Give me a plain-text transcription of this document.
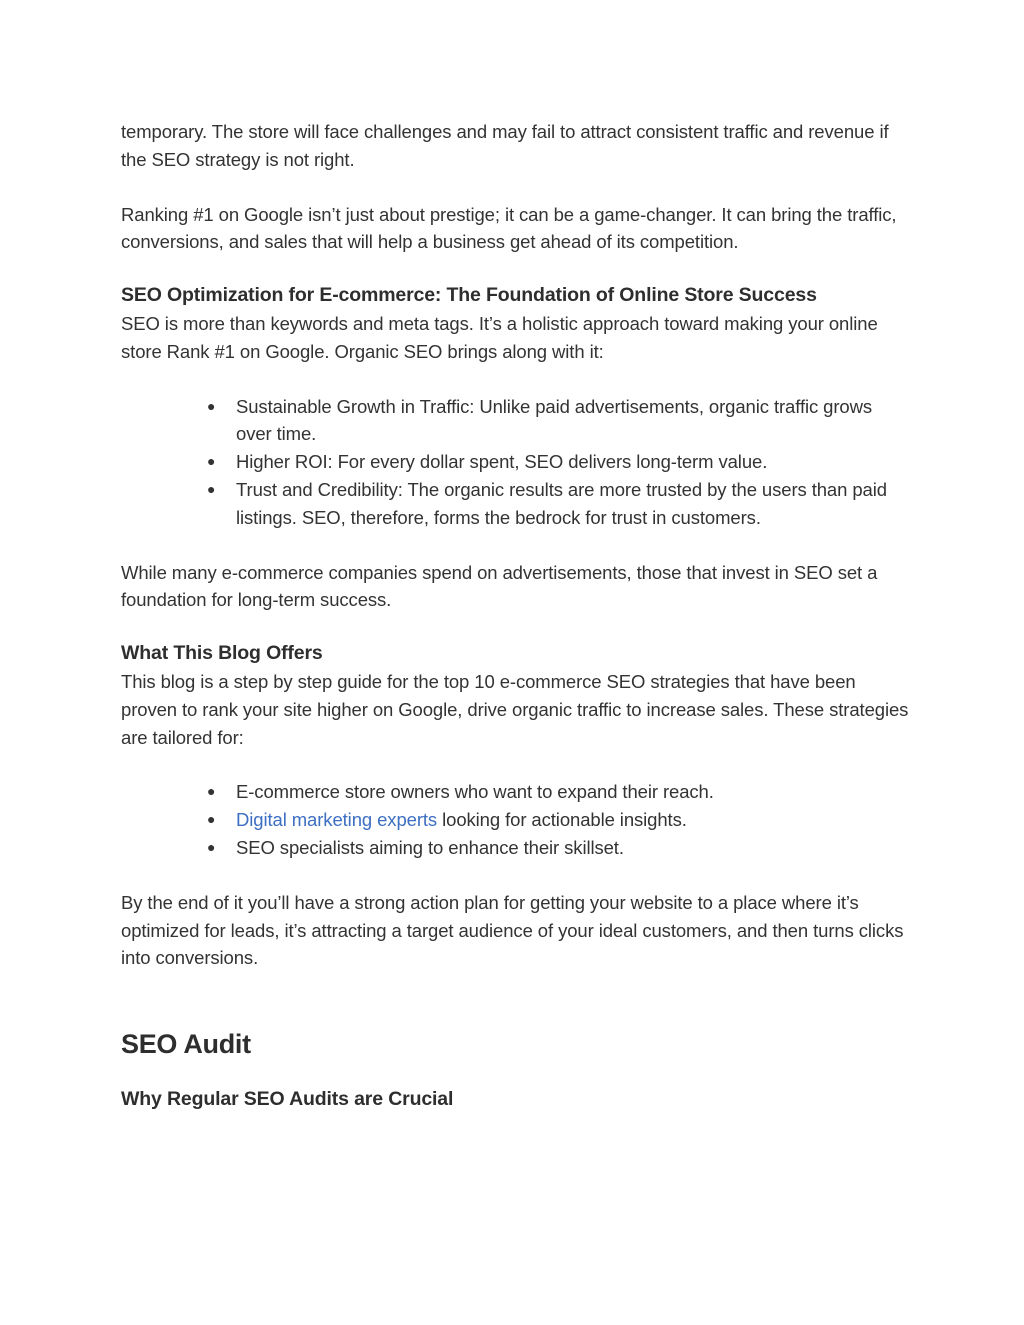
temporary. The store will face challenges and may fail to attract consistent traffic and revenue if the SEO strategy is not right.

Ranking #1 on Google isn’t just about prestige; it can be a game-changer. It can bring the traffic, conversions, and sales that will help a business get ahead of its competition.

SEO Optimization for E-commerce: The Foundation of Online Store Success

SEO is more than keywords and meta tags. It’s a holistic approach toward making your online store Rank #1 on Google. Organic SEO brings along with it:

● Sustainable Growth in Traffic: Unlike paid advertisements, organic traffic grows over time.
● Higher ROI: For every dollar spent, SEO delivers long-term value.
● Trust and Credibility: The organic results are more trusted by the users than paid listings. SEO, therefore, forms the bedrock for trust in customers.

While many e-commerce companies spend on advertisements, those that invest in SEO set a foundation for long-term success.

What This Blog Offers

This blog is a step by step guide for the top 10 e-commerce SEO strategies that have been proven to rank your site higher on Google, drive organic traffic to increase sales. These strategies are tailored for:

● E-commerce store owners who want to expand their reach.
● Digital marketing experts looking for actionable insights.
● SEO specialists aiming to enhance their skillset.

By the end of it you’ll have a strong action plan for getting your website to a place where it’s optimized for leads, it’s attracting a target audience of your ideal customers, and then turns clicks into conversions.

SEO Audit
Why Regular SEO Audits are Crucial
